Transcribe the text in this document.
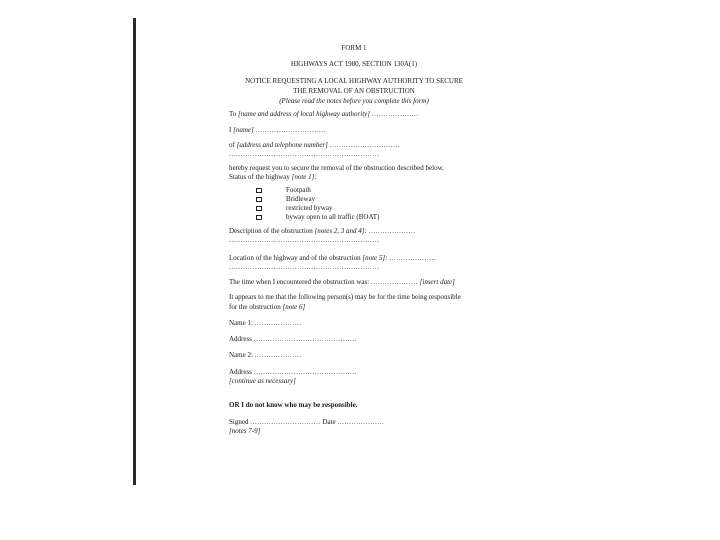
FORM 1
HIGHWAYS ACT 1980, SECTION 130A(1)
NOTICE REQUESTING A LOCAL HIGHWAY AUTHORITY TO SECURE
THE REMOVAL OF AN OBSTRUCTION
(Please read the notes before you complete this form)
To [name and address of local highway authority] ....................
I [name] ..............................
of [address and telephone number] ..............................
................................................................
hereby request you to secure the removal of the obstruction described below.
Status of the highway [note 1]:
Footpath
Bridleway
restricted byway
byway open to all traffic (BOAT)
Description of the obstruction [notes 2, 3 and 4]: ....................
................................................................
Location of the highway and of the obstruction [note 5]: ....................
................................................................
The time when I encountered the obstruction was: .................... [insert date]
It appears to me that the following person(s) may be for the time being responsible
for the obstruction [note 6]
Name 1: ....................
Address ............................................
Name 2: ....................
Address ............................................
[continue as necessary]
OR I do not know who may be responsible.
Signed .............................. Date ....................
[notes 7-9]
